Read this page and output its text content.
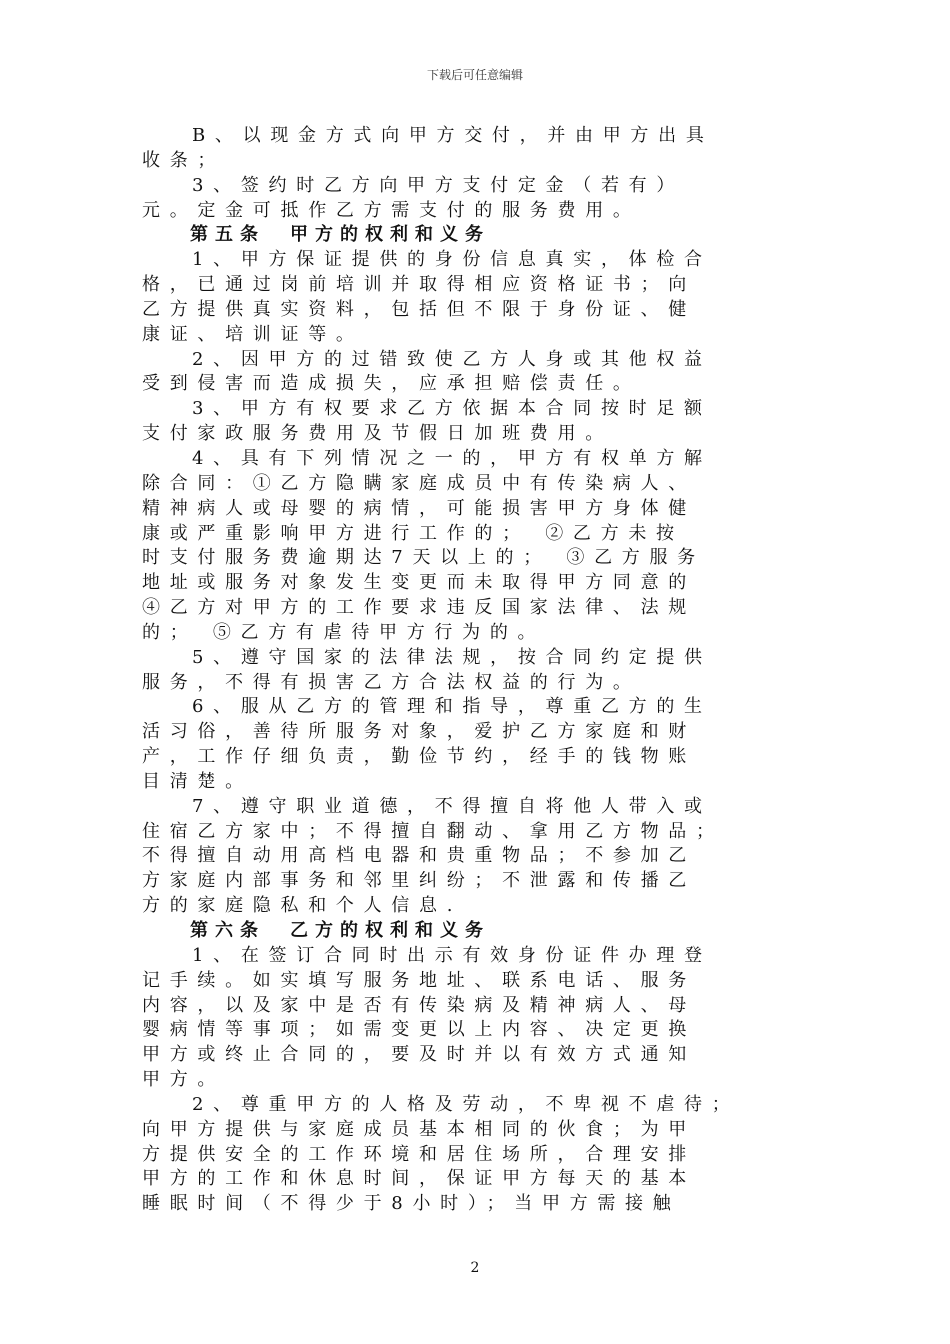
下载后可任意编辑
B、以现金方式向甲方交付，并由甲方出具
收条；
3、签约时乙方向甲方支付定金（若有）
元。定金可抵作乙方需支付的服务费用。
第五条　甲方的权利和义务
1、甲方保证提供的身份信息真实，体检合
格，已通过岗前培训并取得相应资格证书；向
乙方提供真实资料，包括但不限于身份证、健
康证、培训证等。
2、因甲方的过错致使乙方人身或其他权益
受到侵害而造成损失，应承担赔偿责任。
3、甲方有权要求乙方依据本合同按时足额
支付家政服务费用及节假日加班费用。
4、具有下列情况之一的，甲方有权单方解
除合同：①乙方隐瞒家庭成员中有传染病人、
精神病人或母婴的病情，可能损害甲方身体健
康或严重影响甲方进行工作的； ②乙方未按
时支付服务费逾期达7天以上的； ③乙方服务
地址或服务对象发生变更而未取得甲方同意的
④乙方对甲方的工作要求违反国家法律、法规
的； ⑤乙方有虐待甲方行为的。
5、遵守国家的法律法规，按合同约定提供
服务，不得有损害乙方合法权益的行为。
6、服从乙方的管理和指导，尊重乙方的生
活习俗，善待所服务对象，爱护乙方家庭和财
产，工作仔细负责，勤俭节约，经手的钱物账
目清楚。
7、遵守职业道德，不得擅自将他人带入或
住宿乙方家中；不得擅自翻动、拿用乙方物品；
不得擅自动用高档电器和贵重物品；不参加乙
方家庭内部事务和邻里纠纷；不泄露和传播乙
方的家庭隐私和个人信息.
第六条　乙方的权利和义务
1、在签订合同时出示有效身份证件办理登
记手续。如实填写服务地址、联系电话、服务
内容，以及家中是否有传染病及精神病人、母
婴病情等事项；如需变更以上内容、决定更换
甲方或终止合同的，要及时并以有效方式通知
甲方。
2、尊重甲方的人格及劳动，不卑视不虐待；
向甲方提供与家庭成员基本相同的伙食；为甲
方提供安全的工作环境和居住场所，合理安排
甲方的工作和休息时间，保证甲方每天的基本
睡眠时间（不得少于8小时）；当甲方需接触
2
